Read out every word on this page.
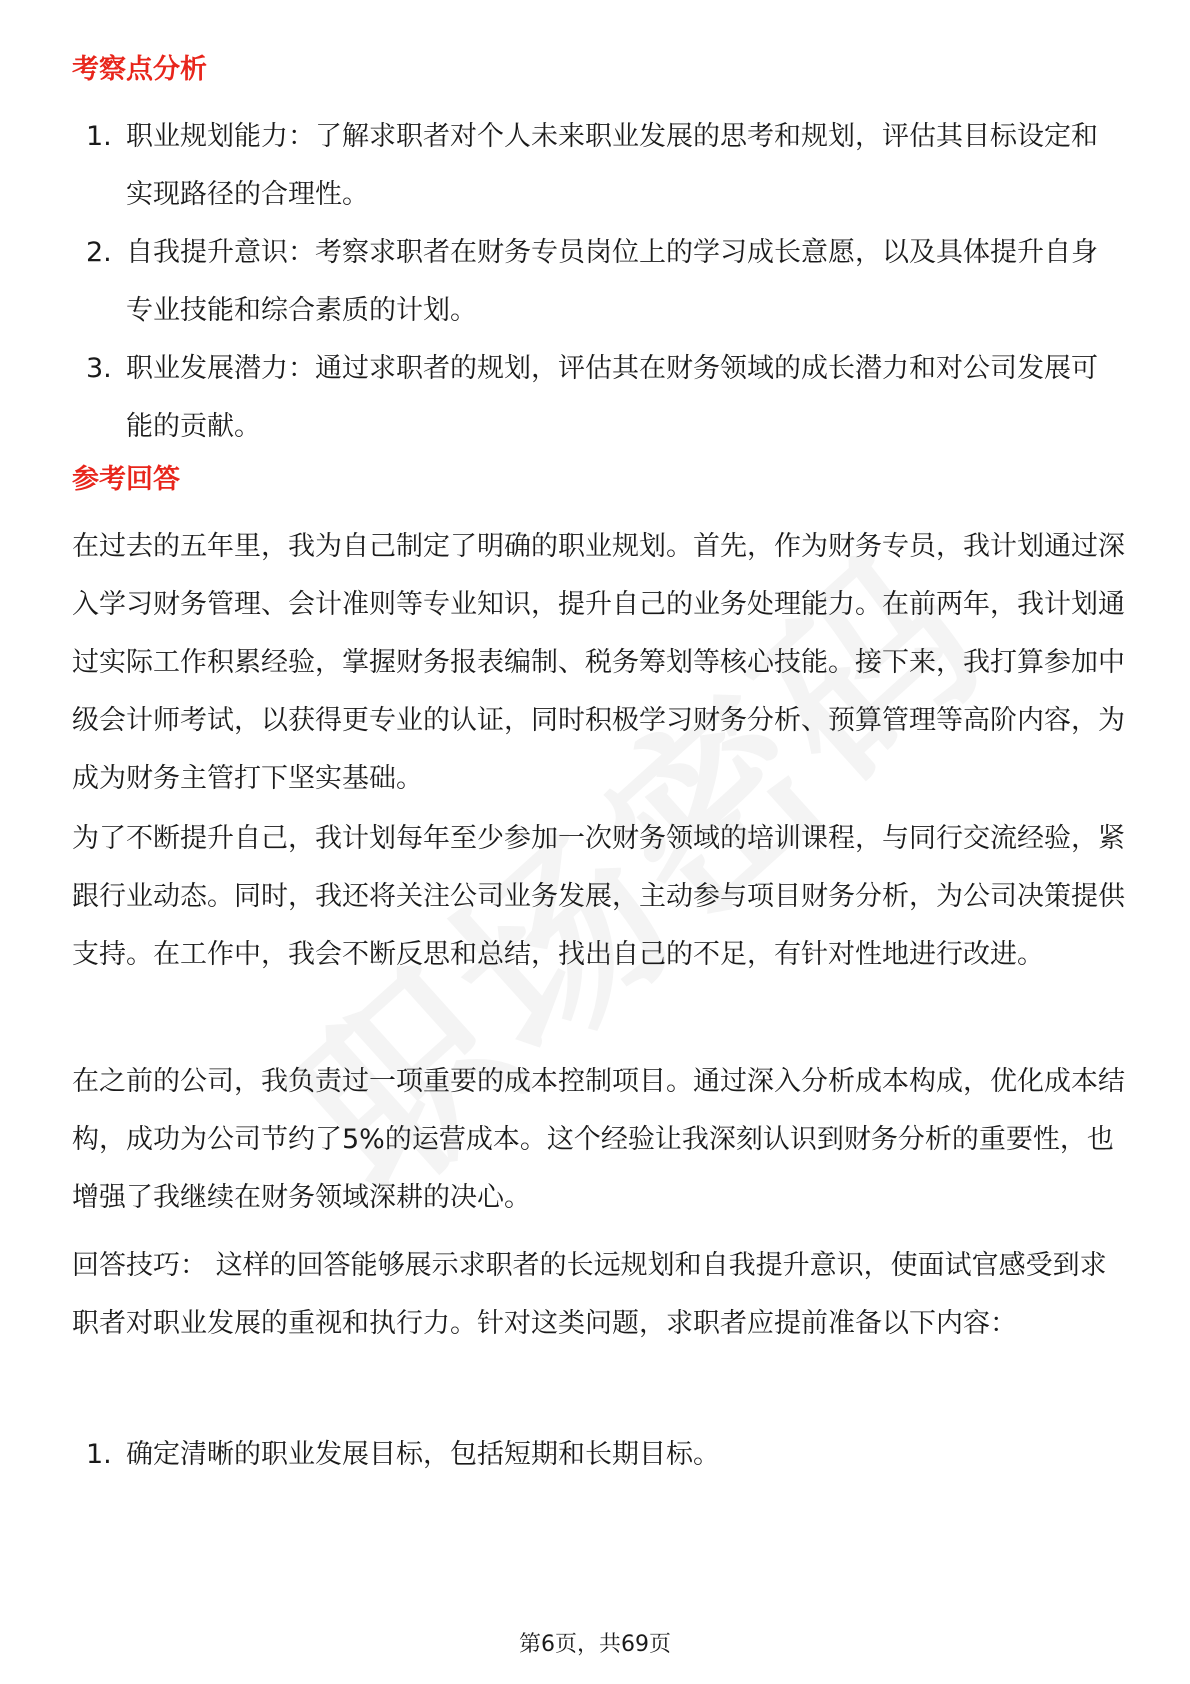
考察点分析
1. 职业规划能力：了解求职者对个人未来职业发展的思考和规划，评估其目标设定和实现路径的合理性。
2. 自我提升意识：考察求职者在财务专员岗位上的学习成长意愿，以及具体提升自身专业技能和综合素质的计划。
3. 职业发展潜力：通过求职者的规划，评估其在财务领域的成长潜力和对公司发展可能的贡献。
参考回答

在过去的五年里，我为自己制定了明确的职业规划。首先，作为财务专员，我计划通过深入学习财务管理、会计准则等专业知识，提升自己的业务处理能力。在前两年，我计划通过实际工作积累经验，掌握财务报表编制、税务筹划等核心技能。接下来，我打算参加中级会计师考试，以获得更专业的认证，同时积极学习财务分析、预算管理等高阶内容，为成为财务主管打下坚实基础。

为了不断提升自己，我计划每年至少参加一次财务领域的培训课程，与同行交流经验，紧跟行业动态。同时，我还将关注公司业务发展，主动参与项目财务分析，为公司决策提供支持。在工作中，我会不断反思和总结，找出自己的不足，有针对性地进行改进。

在之前的公司，我负责过一项重要的成本控制项目。通过深入分析成本构成，优化成本结构，成功为公司节约了5%的运营成本。这个经验让我深刻认识到财务分析的重要性，也增强了我继续在财务领域深耕的决心。

回答技巧： 这样的回答能够展示求职者的长远规划和自我提升意识，使面试官感受到求职者对职业发展的重视和执行力。针对这类问题，求职者应提前准备以下内容：

1. 确定清晰的职业发展目标，包括短期和长期目标。

第6页，共69页
